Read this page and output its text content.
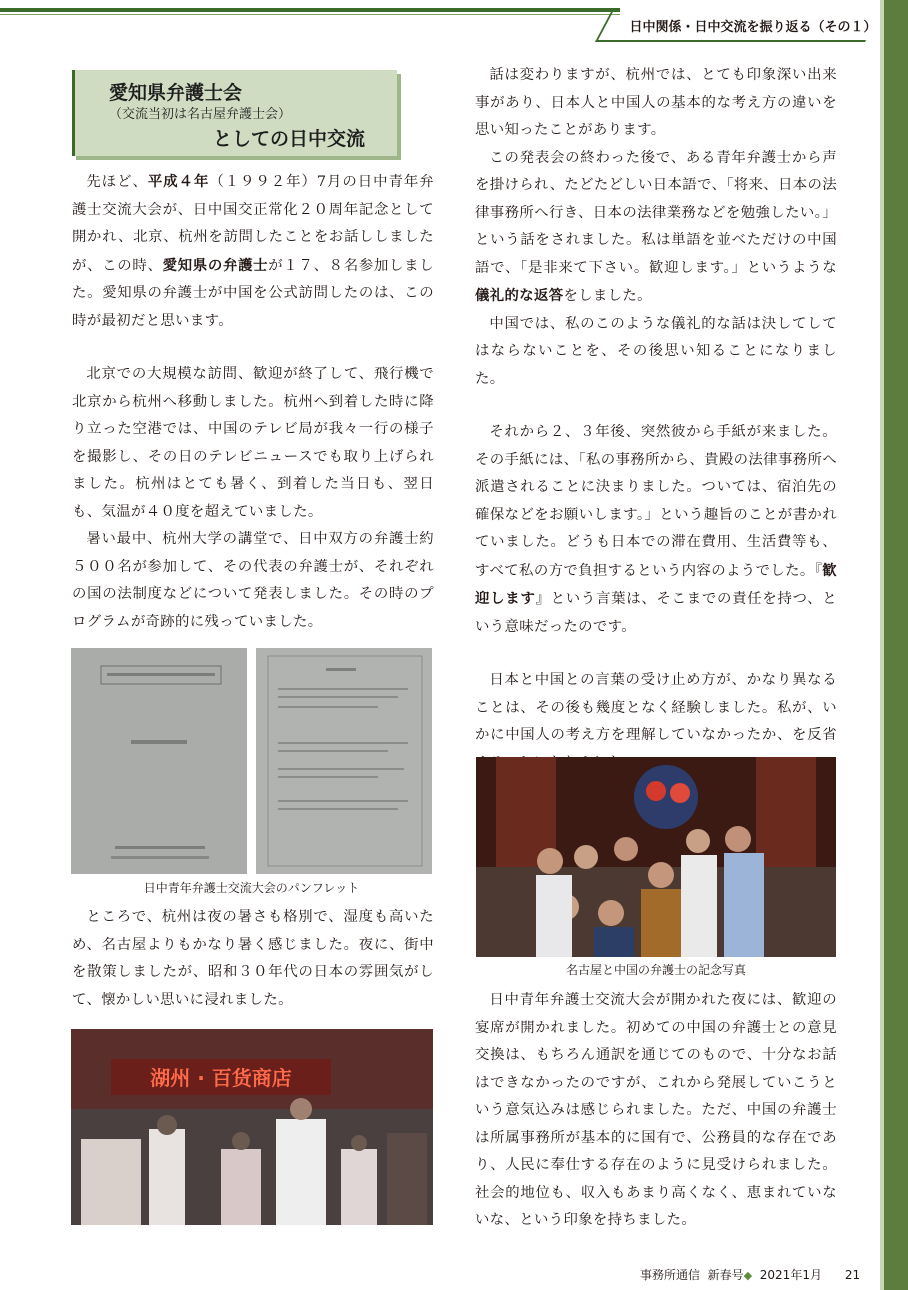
日中関係・日中交流を振り返る（その１）
愛知県弁護士会
（交流当初は名古屋弁護士会）
としての日中交流

先ほど、平成４年（１９９２年）7月の日中青年弁護士交流大会が、日中国交正常化２０周年記念として開かれ、北京、杭州を訪問したことをお話ししましたが、この時、愛知県の弁護士が１７、８名参加しました。愛知県の弁護士が中国を公式訪問したのは、この時が最初だと思います。

北京での大規模な訪問、歓迎が終了して、飛行機で北京から杭州へ移動しました。杭州へ到着した時に降り立った空港では、中国のテレビ局が我々一行の様子を撮影し、その日のテレビニュースでも取り上げられました。杭州はとても暑く、到着した当日も、翌日も、気温が４０度を超えていました。

暑い最中、杭州大学の講堂で、日中双方の弁護士約５００名が参加して、その代表の弁護士が、それぞれの国の法制度などについて発表しました。その時のプログラムが奇跡的に残っていました。

日中青年弁護士交流大会のパンフレット

ところで、杭州は夜の暑さも格別で、湿度も高いため、名古屋よりもかなり暑く感じました。夜に、街中を散策しましたが、昭和３０年代の日本の雰囲気がして、懐かしい思いに浸れました。

湖州 · 百货商店

話は変わりますが、杭州では、とても印象深い出来事があり、日本人と中国人の基本的な考え方の違いを思い知ったことがあります。

この発表会の終わった後で、ある青年弁護士から声を掛けられ、たどたどしい日本語で、「将来、日本の法律事務所へ行き、日本の法律業務などを勉強したい。」という話をされました。私は単語を並べただけの中国語で、「是非来て下さい。歓迎します。」というような儀礼的な返答をしました。

中国では、私のこのような儀礼的な話は決してしてはならないことを、その後思い知ることになりました。

それから２、３年後、突然彼から手紙が来ました。その手紙には、「私の事務所から、貴殿の法律事務所へ派遣されることに決まりました。ついては、宿泊先の確保などをお願いします。」という趣旨のことが書かれていました。どうも日本での滞在費用、生活費等も、すべて私の方で負担するという内容のようでした。『歓迎します』という言葉は、そこまでの責任を持つ、という意味だったのです。

日本と中国との言葉の受け止め方が、かなり異なることは、その後も幾度となく経験しました。私が、いかに中国人の考え方を理解していなかったか、を反省

名古屋と中国の弁護士の記念写真

日中青年弁護士交流大会が開かれた夜には、歓迎の宴席が開かれました。初めての中国の弁護士との意見交換は、もちろん通訳を通じてのもので、十分なお話はできなかったのですが、これから発展していこうという意気込みは感じられました。ただ、中国の弁護士は所属事務所が基本的に国有で、公務員的な存在であり、人民に奉仕する存在のように見受けられました。社会的地位も、収入もあまり高くなく、恵まれていないな、という印象を持ちました。

事務所通信 新春号◆ 2021年1月 21
